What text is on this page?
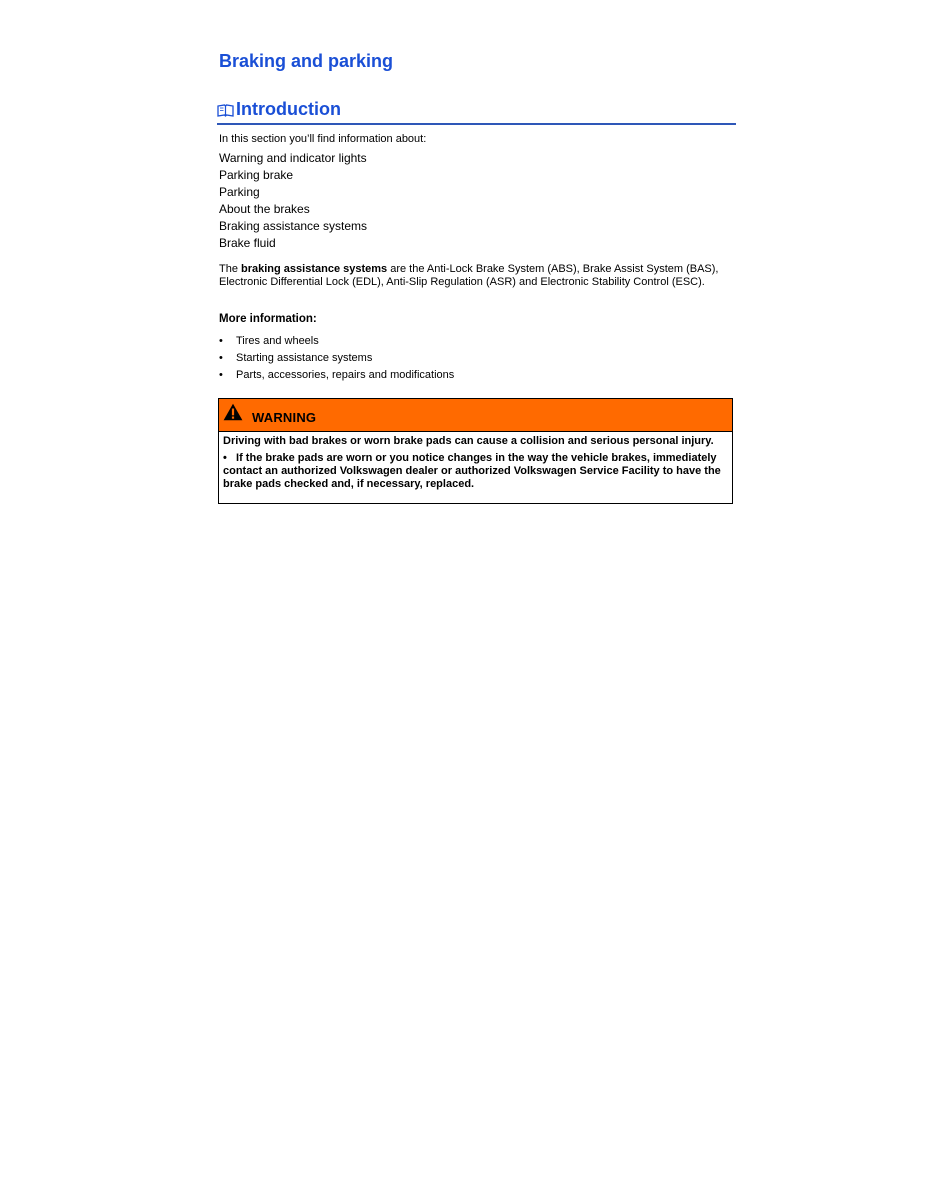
Braking and parking
Introduction
In this section you’ll find information about:
Warning and indicator lights
Parking brake
Parking
About the brakes
Braking assistance systems
Brake fluid

The braking assistance systems are the Anti-Lock Brake System (ABS), Brake Assist System (BAS), Electronic Differential Lock (EDL), Anti-Slip Regulation (ASR) and Electronic Stability Control (ESC).

More information:
• Tires and wheels
• Starting assistance systems
• Parts, accessories, repairs and modifications
WARNING

Driving with bad brakes or worn brake pads can cause a collision and serious personal injury.

• If the brake pads are worn or you notice changes in the way the vehicle brakes, immediately contact an authorized Volkswagen dealer or authorized Volkswagen Service Facility to have the brake pads checked and, if necessary, replaced.
